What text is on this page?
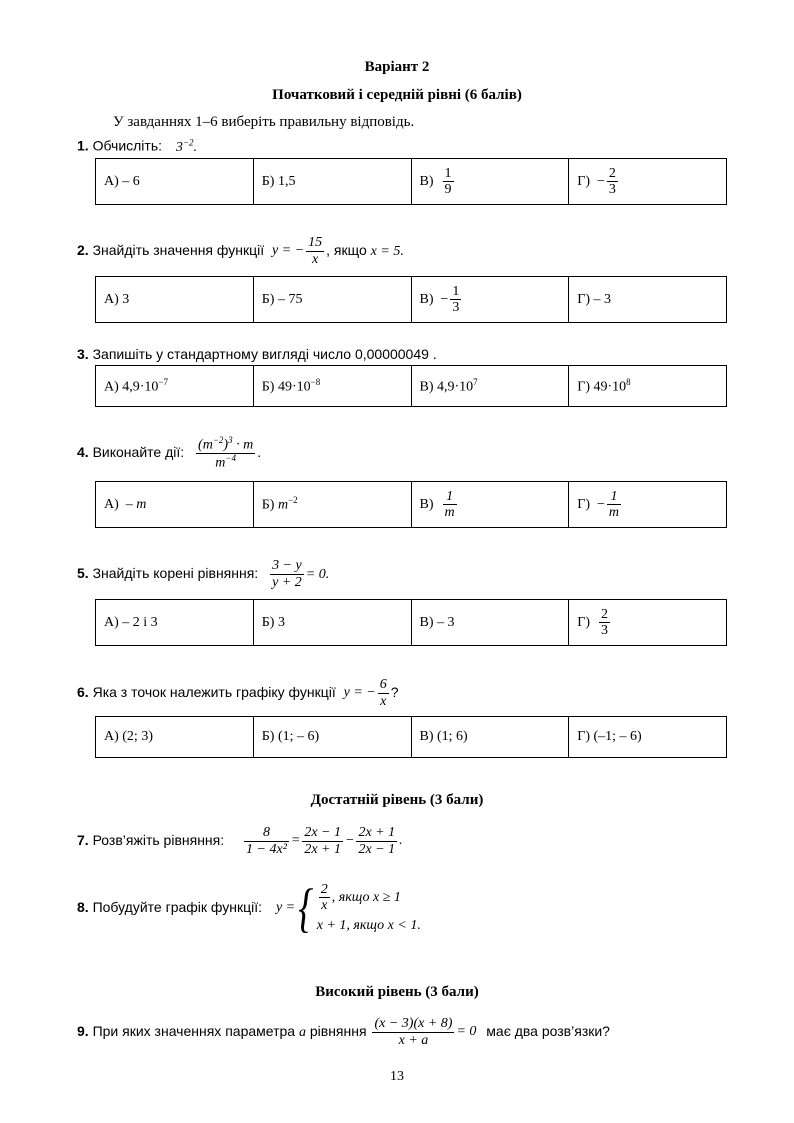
Варіант 2
Початковий і середній рівні (6 балів)
У завданнях 1–6 виберіть правильну відповідь.
1. Обчисліть: $3^{-2}$.
А) – 6	Б) 1,5	$В) \frac{1}{9}$	$Г) - \frac{2}{3}$
2. Знайдіть значення функції y = − $\frac{15}{x}$ , якщо x = 5.
А) 3	Б) – 75	$В) - \frac{1}{3}$	Г) – 3
3. Запишіть у стандартному вигляді число 0,00000049 .
А) $4,9\cdot 10^{-7}$	Б) $49\cdot 10^{-8}$	В) $4,9\cdot 10^7$	Г) $49\cdot 10^8$
4. Виконайте дії: $\frac{(m^{-2})^3 \cdot m}{m^{-4}}$ .
А) – m	Б) $m^{-2}$	$В) \frac{1}{m}$	$Г) - \frac{1}{m}$
5. Знайдіть корені рівняння: $\frac{3 - y}{y + 2} = 0$.
А) – 2 і 3	Б) 3	В) – 3	$Г) \frac{2}{3}$
6. Яка з точок належить графіку функції y = − $\frac{6}{x}$ ?
А) (2; 3)	Б) (1; – 6)	В) (1; 6)	Г) (–1; – 6)
Достатній рівень (3 бали)
7. Розв’яжіть рівняння: $\frac{8}{\text{1 − 4x²}} = \frac{2x - 1}{2x + 1} - \frac{2x + 1}{2x - 1}$ .
8. Побудуйте графік функції: y ={ $\frac{2}{x}$ , якщо x ≥ 1
x + 1, якщо x < 1.
Високий рівень (3 бали)
9. При яких значеннях параметра a рівняння $\frac{(x - 3)(x + 8)}{x + a} = 0$ має два розв’язки?
13
